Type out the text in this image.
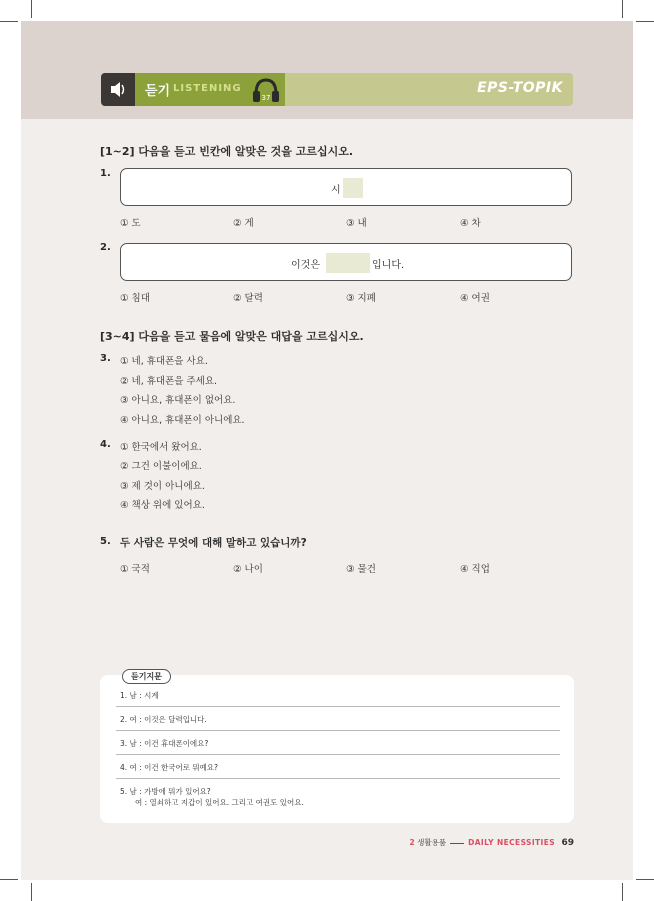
듣기 LISTENING
37
EPS-TOPIK
[1~2] 다음을 듣고 빈칸에 알맞은 것을 고르십시오.
1.
시
① 도	② 게	③ 내	④ 차
2.
이것은	입니다.
① 침대	② 달력	③ 지폐	④ 여권
[3~4] 다음을 듣고 물음에 알맞은 대답을 고르십시오.
3. ① 네, 휴대폰을 사요.
② 네, 휴대폰을 주세요.
③ 아니요, 휴대폰이 없어요.
④ 아니요, 휴대폰이 아니에요.
4. ① 한국에서 왔어요.
② 그건 이불이에요.
③ 제 것이 아니에요.
④ 책상 위에 있어요.
5. 두 사람은 무엇에 대해 말하고 있습니까?
① 국적	② 나이	③ 물건	④ 직업
듣기지문
1. 남 : 시계
2. 여 : 이것은 달력입니다.
3. 남 : 이건 휴대폰이에요?
4. 여 : 이건 한국어로 뭐예요?
5. 남 : 가방에 뭐가 있어요?
여 : 열쇠하고 지갑이 있어요. 그리고 여권도 있어요.
2 생활용품	DAILY NECESSITIES 69
